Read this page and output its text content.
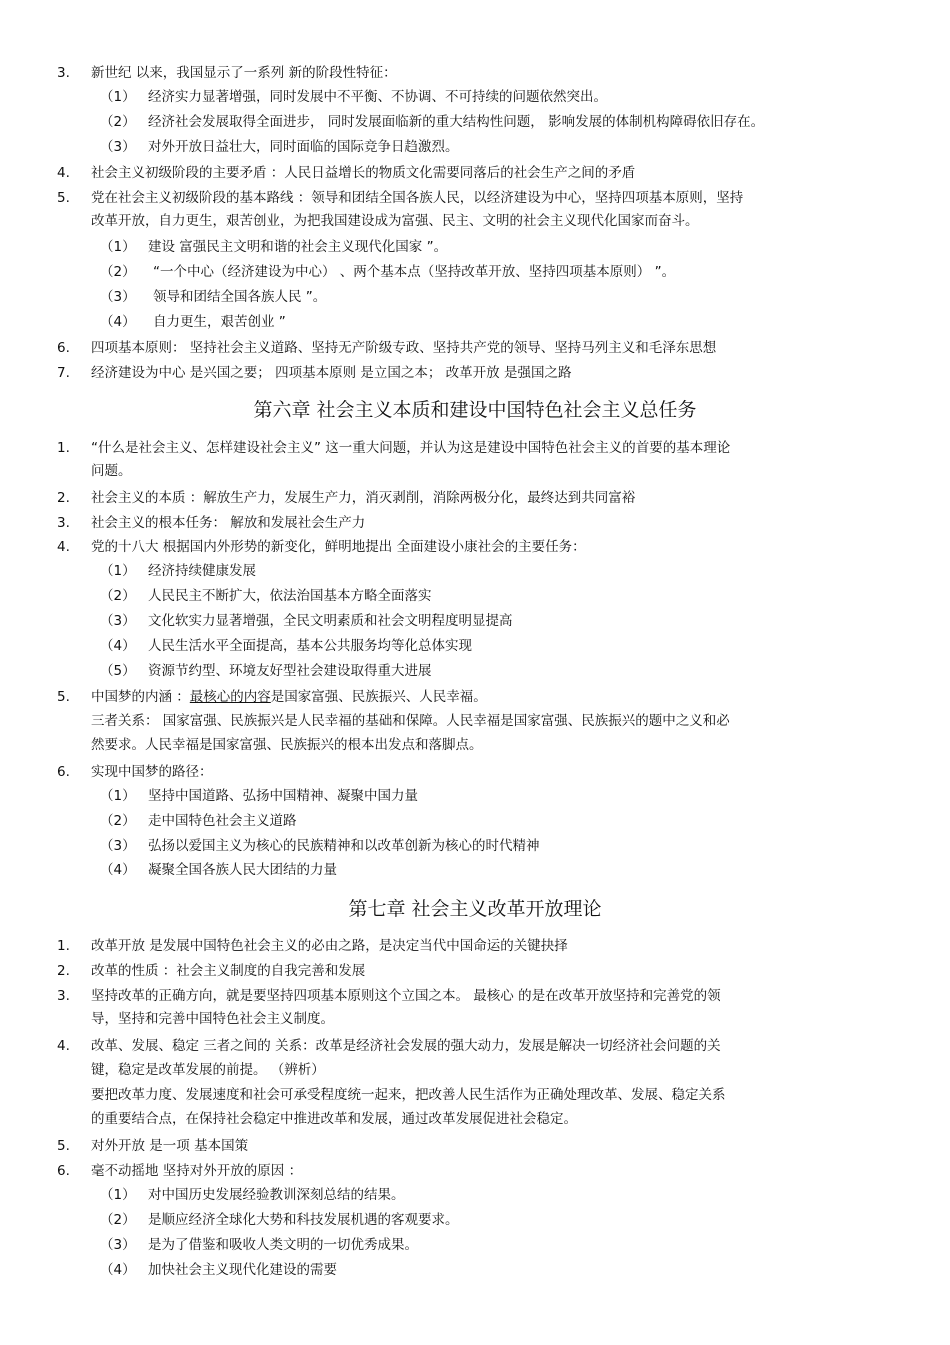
3. 新世纪 以来，我国显示了一系列 新的阶段性特征：
（1） 经济实力显著增强，同时发展中不平衡、不协调、不可持续的问题依然突出。
（2） 经济社会发展取得全面进步， 同时发展面临新的重大结构性问题， 影响发展的体制机构障碍依旧存在。
（3） 对外开放日益壮大，同时面临的国际竞争日趋激烈。
4. 社会主义初级阶段的主要矛盾 ：人民日益增长的物质文化需要同落后的社会生产之间的矛盾
5. 党在社会主义初级阶段的基本路线 ：领导和团结全国各族人民，以经济建设为中心，坚持四项基本原则，坚持
改革开放，自力更生，艰苦创业，为把我国建设成为富强、民主、文明的社会主义现代化国家而奋斗。
（1） 建设 富强民主文明和谐的社会主义现代化国家 ”。
（2） “一个中心（经济建设为中心） 、两个基本点（坚持改革开放、坚持四项基本原则） ”。
（3） 领导和团结全国各族人民 ”。
（4） 自力更生，艰苦创业 ”
6. 四项基本原则： 坚持社会主义道路、坚持无产阶级专政、坚持共产党的领导、坚持马列主义和毛泽东思想
7. 经济建设为中心 是兴国之要； 四项基本原则 是立国之本； 改革开放 是强国之路
第六章 社会主义本质和建设中国特色社会主义总任务
1. “什么是社会主义、怎样建设社会主义” 这一重大问题，并认为这是建设中国特色社会主义的首要的基本理论
问题。
2. 社会主义的本质 ：解放生产力，发展生产力，消灭剥削，消除两极分化，最终达到共同富裕
3. 社会主义的根本任务： 解放和发展社会生产力
4. 党的十八大 根据国内外形势的新变化，鲜明地提出 全面建设小康社会的主要任务：
（1） 经济持续健康发展
（2） 人民民主不断扩大，依法治国基本方略全面落实
（3） 文化软实力显著增强，全民文明素质和社会文明程度明显提高
（4） 人民生活水平全面提高，基本公共服务均等化总体实现
（5） 资源节约型、环境友好型社会建设取得重大进展
5. 中国梦的内涵 ：最核心的内容是国家富强、民族振兴、人民幸福。
三者关系： 国家富强、民族振兴是人民幸福的基础和保障。人民幸福是国家富强、民族振兴的题中之义和必
然要求。人民幸福是国家富强、民族振兴的根本出发点和落脚点。
6. 实现中国梦的路径：
（1） 坚持中国道路、弘扬中国精神、凝聚中国力量
（2） 走中国特色社会主义道路
（3） 弘扬以爱国主义为核心的民族精神和以改革创新为核心的时代精神
（4） 凝聚全国各族人民大团结的力量
第七章 社会主义改革开放理论
1. 改革开放 是发展中国特色社会主义的必由之路，是决定当代中国命运的关键抉择
2. 改革的性质 ：社会主义制度的自我完善和发展
3. 坚持改革的正确方向，就是要坚持四项基本原则这个立国之本。 最核心 的是在改革开放坚持和完善党的领
导，坚持和完善中国特色社会主义制度。
4. 改革、发展、稳定 三者之间的 关系：改革是经济社会发展的强大动力，发展是解决一切经济社会问题的关
键，稳定是改革发展的前提。 （辨析）
要把改革力度、发展速度和社会可承受程度统一起来，把改善人民生活作为正确处理改革、发展、稳定关系
的重要结合点，在保持社会稳定中推进改革和发展，通过改革发展促进社会稳定。
5. 对外开放 是一项 基本国策
6. 毫不动摇地 坚持对外开放的原因 ：
（1） 对中国历史发展经验教训深刻总结的结果。
（2） 是顺应经济全球化大势和科技发展机遇的客观要求。
（3） 是为了借鉴和吸收人类文明的一切优秀成果。
（4） 加快社会主义现代化建设的需要
